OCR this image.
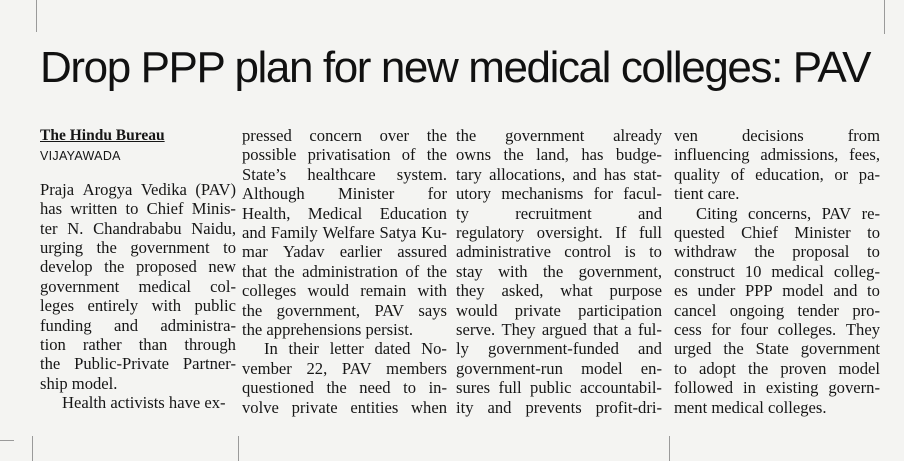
Drop PPP plan for new medical colleges: PAV
The Hindu Bureau
VIJAYAWADA
Praja Arogya Vedika (PAV)
has written to Chief Minis-
ter N. Chandrababu Naidu,
urging the government to
develop the proposed new
government medical col-
leges entirely with public
funding and administra-
tion rather than through
the Public-Private Partner-
ship model.
Health activists have ex-
pressed concern over the
possible privatisation of the
State’s healthcare system.
Although Minister for
Health, Medical Education
and Family Welfare Satya Ku-
mar Yadav earlier assured
that the administration of the
colleges would remain with
the government, PAV says
the apprehensions persist.
In their letter dated No-
vember 22, PAV members
questioned the need to in-
volve private entities when
the government already
owns the land, has budge-
tary allocations, and has stat-
utory mechanisms for facul-
ty	recruitment	and
regulatory oversight. If full
administrative control is to
stay with the government,
they asked, what purpose
would private participation
serve. They argued that a ful-
ly government-funded and
government-run model en-
sures full public accountabil-
ity and prevents profit-dri-
ven	decisions	from
influencing admissions, fees,
quality of education, or pa-
tient care.
Citing concerns, PAV re-
quested Chief Minister to
withdraw the proposal to
construct 10 medical colleg-
es under PPP model and to
cancel ongoing tender pro-
cess for four colleges. They
urged the State government
to adopt the proven model
followed in existing govern-
ment medical colleges.
